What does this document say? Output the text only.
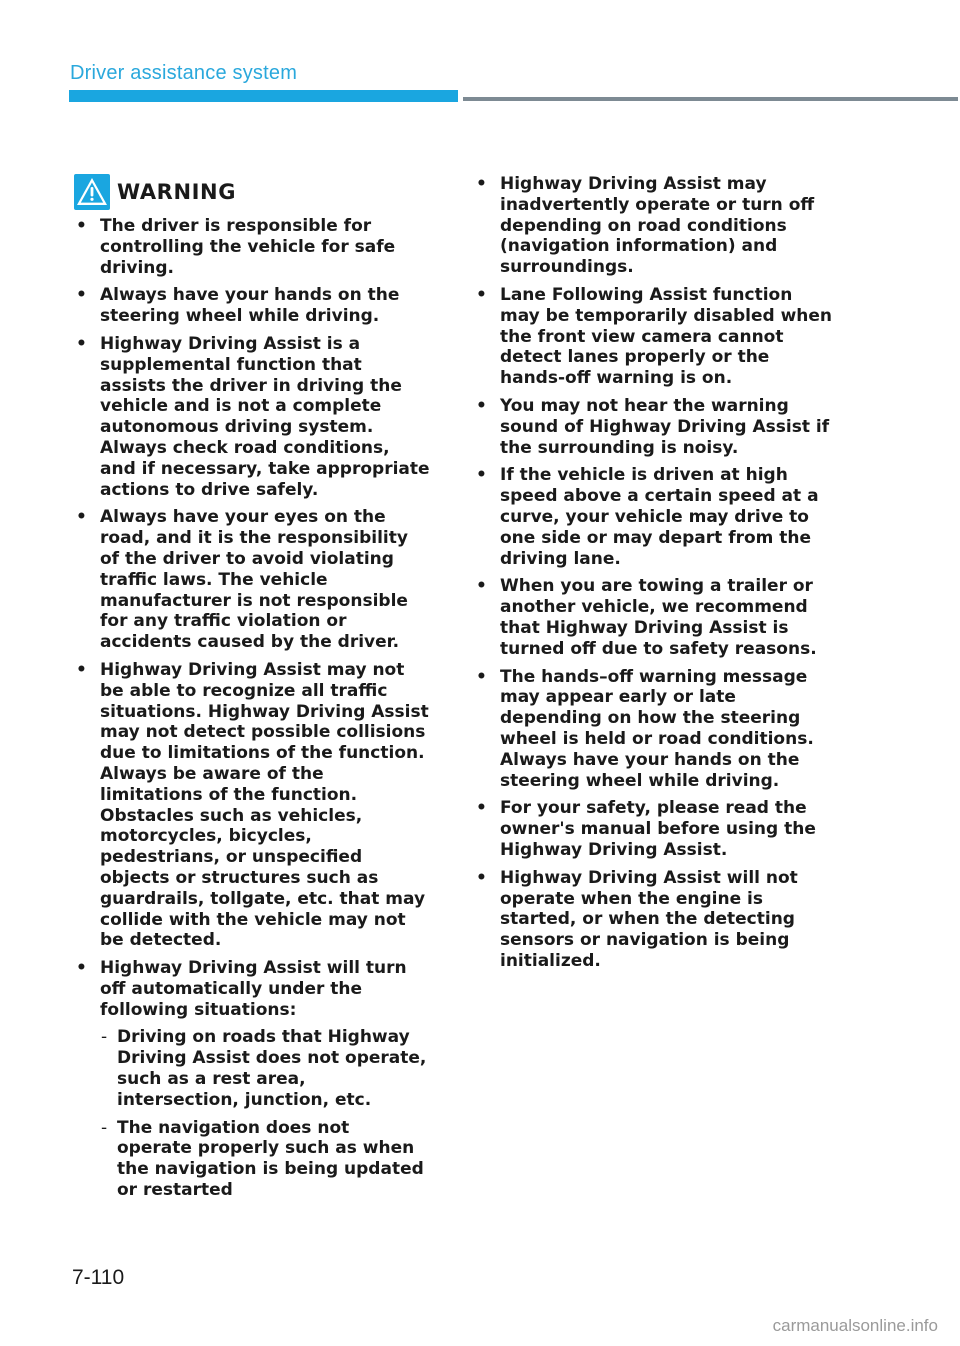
Driver assistance system
WARNING
• The driver is responsible for controlling the vehicle for safe driving.
• Always have your hands on the steering wheel while driving.
• Highway Driving Assist is a supplemental function that assists the driver in driving the vehicle and is not a complete autonomous driving system. Always check road conditions, and if necessary, take appropriate actions to drive safely.
• Always have your eyes on the road, and it is the responsibility of the driver to avoid violating traffic laws. The vehicle manufacturer is not responsible for any traffic violation or accidents caused by the driver.
• Highway Driving Assist may not be able to recognize all traffic situations. Highway Driving Assist may not detect possible collisions due to limitations of the function. Always be aware of the limitations of the function. Obstacles such as vehicles, motorcycles, bicycles, pedestrians, or unspecified objects or structures such as guardrails, tollgate, etc. that may collide with the vehicle may not be detected.
• Highway Driving Assist will turn off automatically under the following situations:
- Driving on roads that Highway Driving Assist does not operate, such as a rest area, intersection, junction, etc.
- The navigation does not operate properly such as when the navigation is being updated or restarted
• Highway Driving Assist may inadvertently operate or turn off depending on road conditions (navigation information) and surroundings.
• Lane Following Assist function may be temporarily disabled when the front view camera cannot detect lanes properly or the hands-off warning is on.
• You may not hear the warning sound of Highway Driving Assist if the surrounding is noisy.
• If the vehicle is driven at high speed above a certain speed at a curve, your vehicle may drive to one side or may depart from the driving lane.
• When you are towing a trailer or another vehicle, we recommend that Highway Driving Assist is turned off due to safety reasons.
• The hands–off warning message may appear early or late depending on how the steering wheel is held or road conditions. Always have your hands on the steering wheel while driving.
• For your safety, please read the owner's manual before using the Highway Driving Assist.
• Highway Driving Assist will not operate when the engine is started, or when the detecting sensors or navigation is being initialized.
7-110
carmanualsonline.info
